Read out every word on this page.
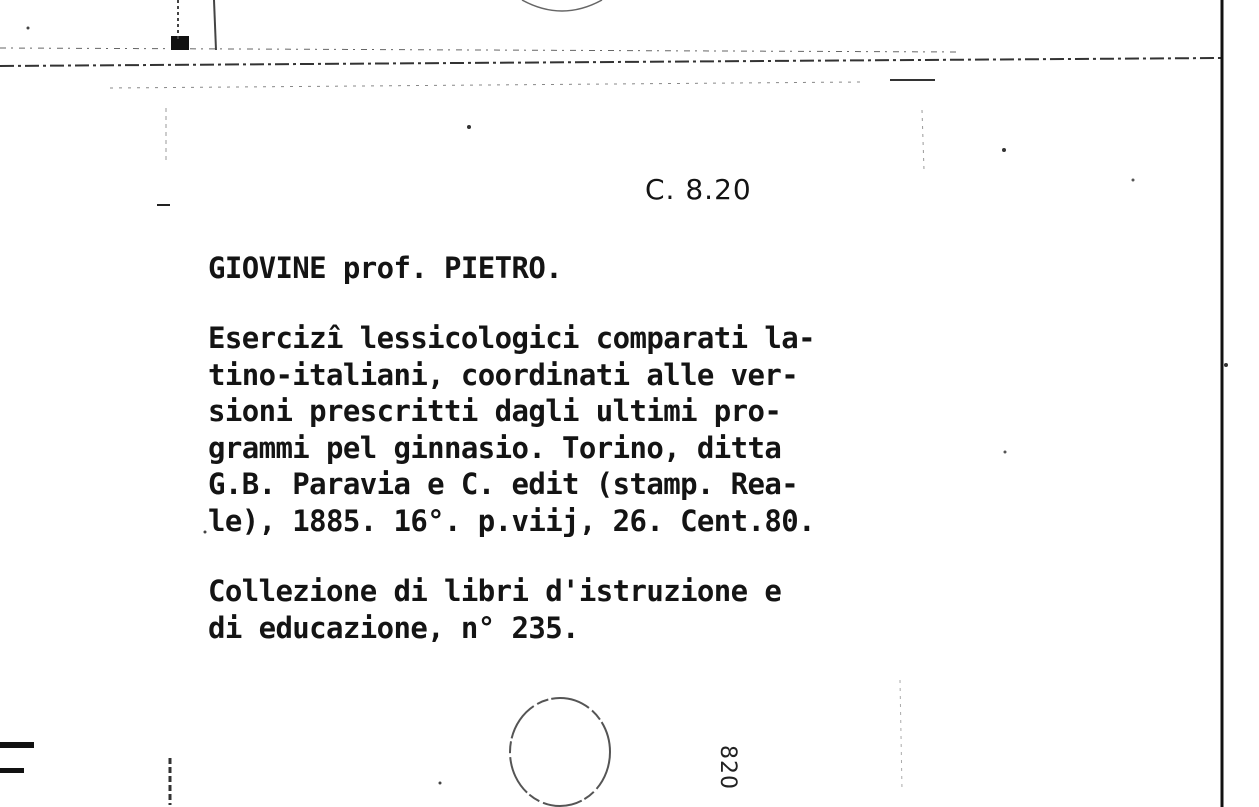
C. 8.20
GIOVINE prof. PIETRO.
Esercizî lessicologici comparati la-
tino-italiani, coordinati alle ver-
sioni prescritti dagli ultimi pro-
grammi pel ginnasio. Torino, ditta
G.B. Paravia e C. edit (stamp. Rea-
le), 1885. 16°. p.viij, 26. Cent.80.
Collezione di libri d'istruzione e
di educazione, n° 235.
820
